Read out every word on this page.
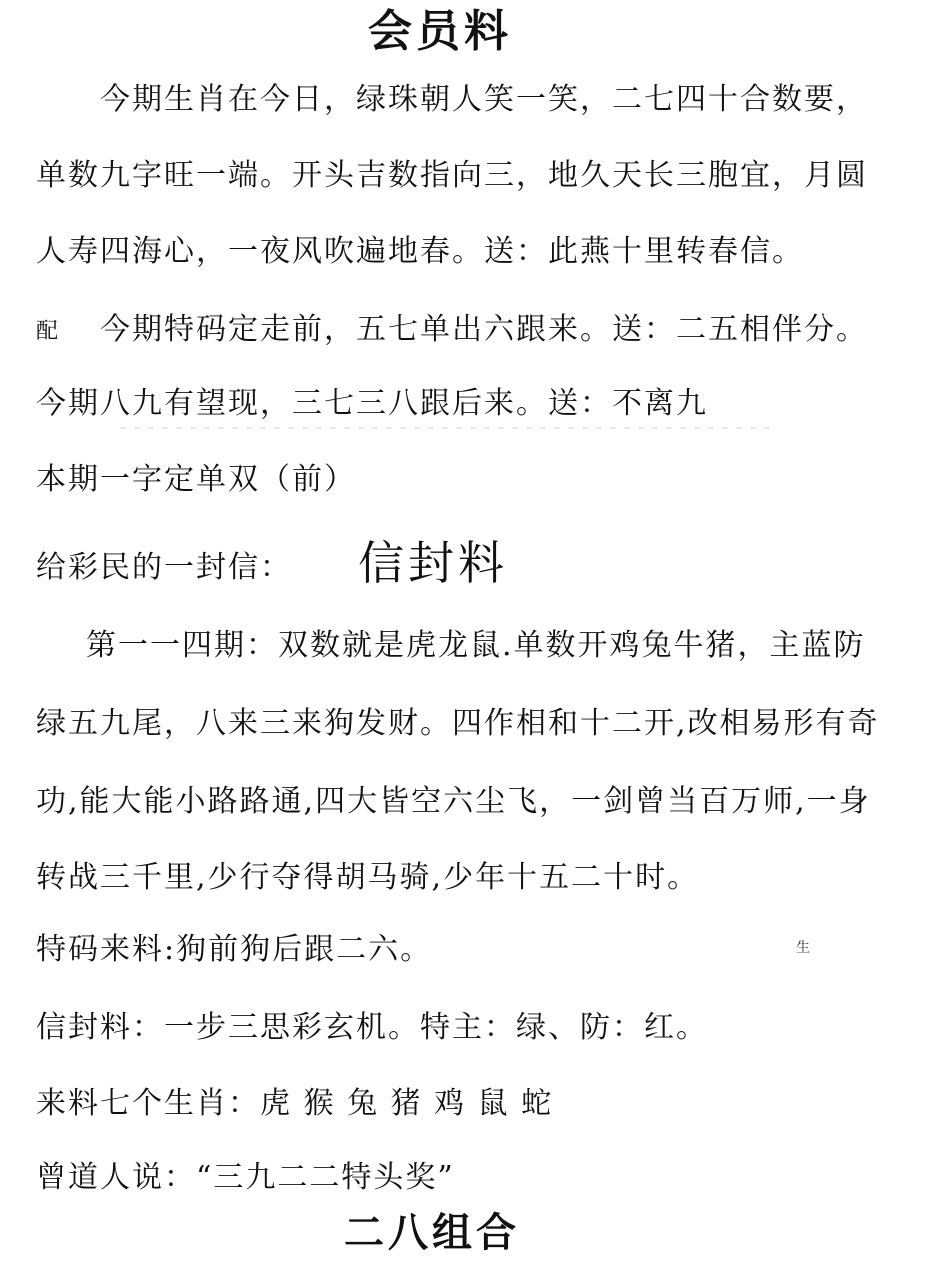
会员料
今期生肖在今日，绿珠朝人笑一笑，二七四十合数要，
单数九字旺一端。开头吉数指向三，地久天长三胞宜，月圆
人寿四海心，一夜风吹遍地春。送：此燕十里转春信。
配 今期特码定走前，五七单出六跟来。送：二五相伴分。
今期八九有望现，三七三八跟后来。送：不离九
本期一字定单双（前）
给彩民的一封信： 信封料
第一一四期：双数就是虎龙鼠.单数开鸡兔牛猪，主蓝防
绿五九尾，八来三来狗发财。四作相和十二开,改相易形有奇
功,能大能小路路通,四大皆空六尘飞，一剑曾当百万师,一身
转战三千里,少行夺得胡马骑,少年十五二十时。
特码来料:狗前狗后跟二六。	生
信封料：一步三思彩玄机。特主：绿、防：红。
来料七个生肖：虎 猴 兔 猪 鸡 鼠 蛇
曾道人说：“三九二二特头奖”
二八组合
